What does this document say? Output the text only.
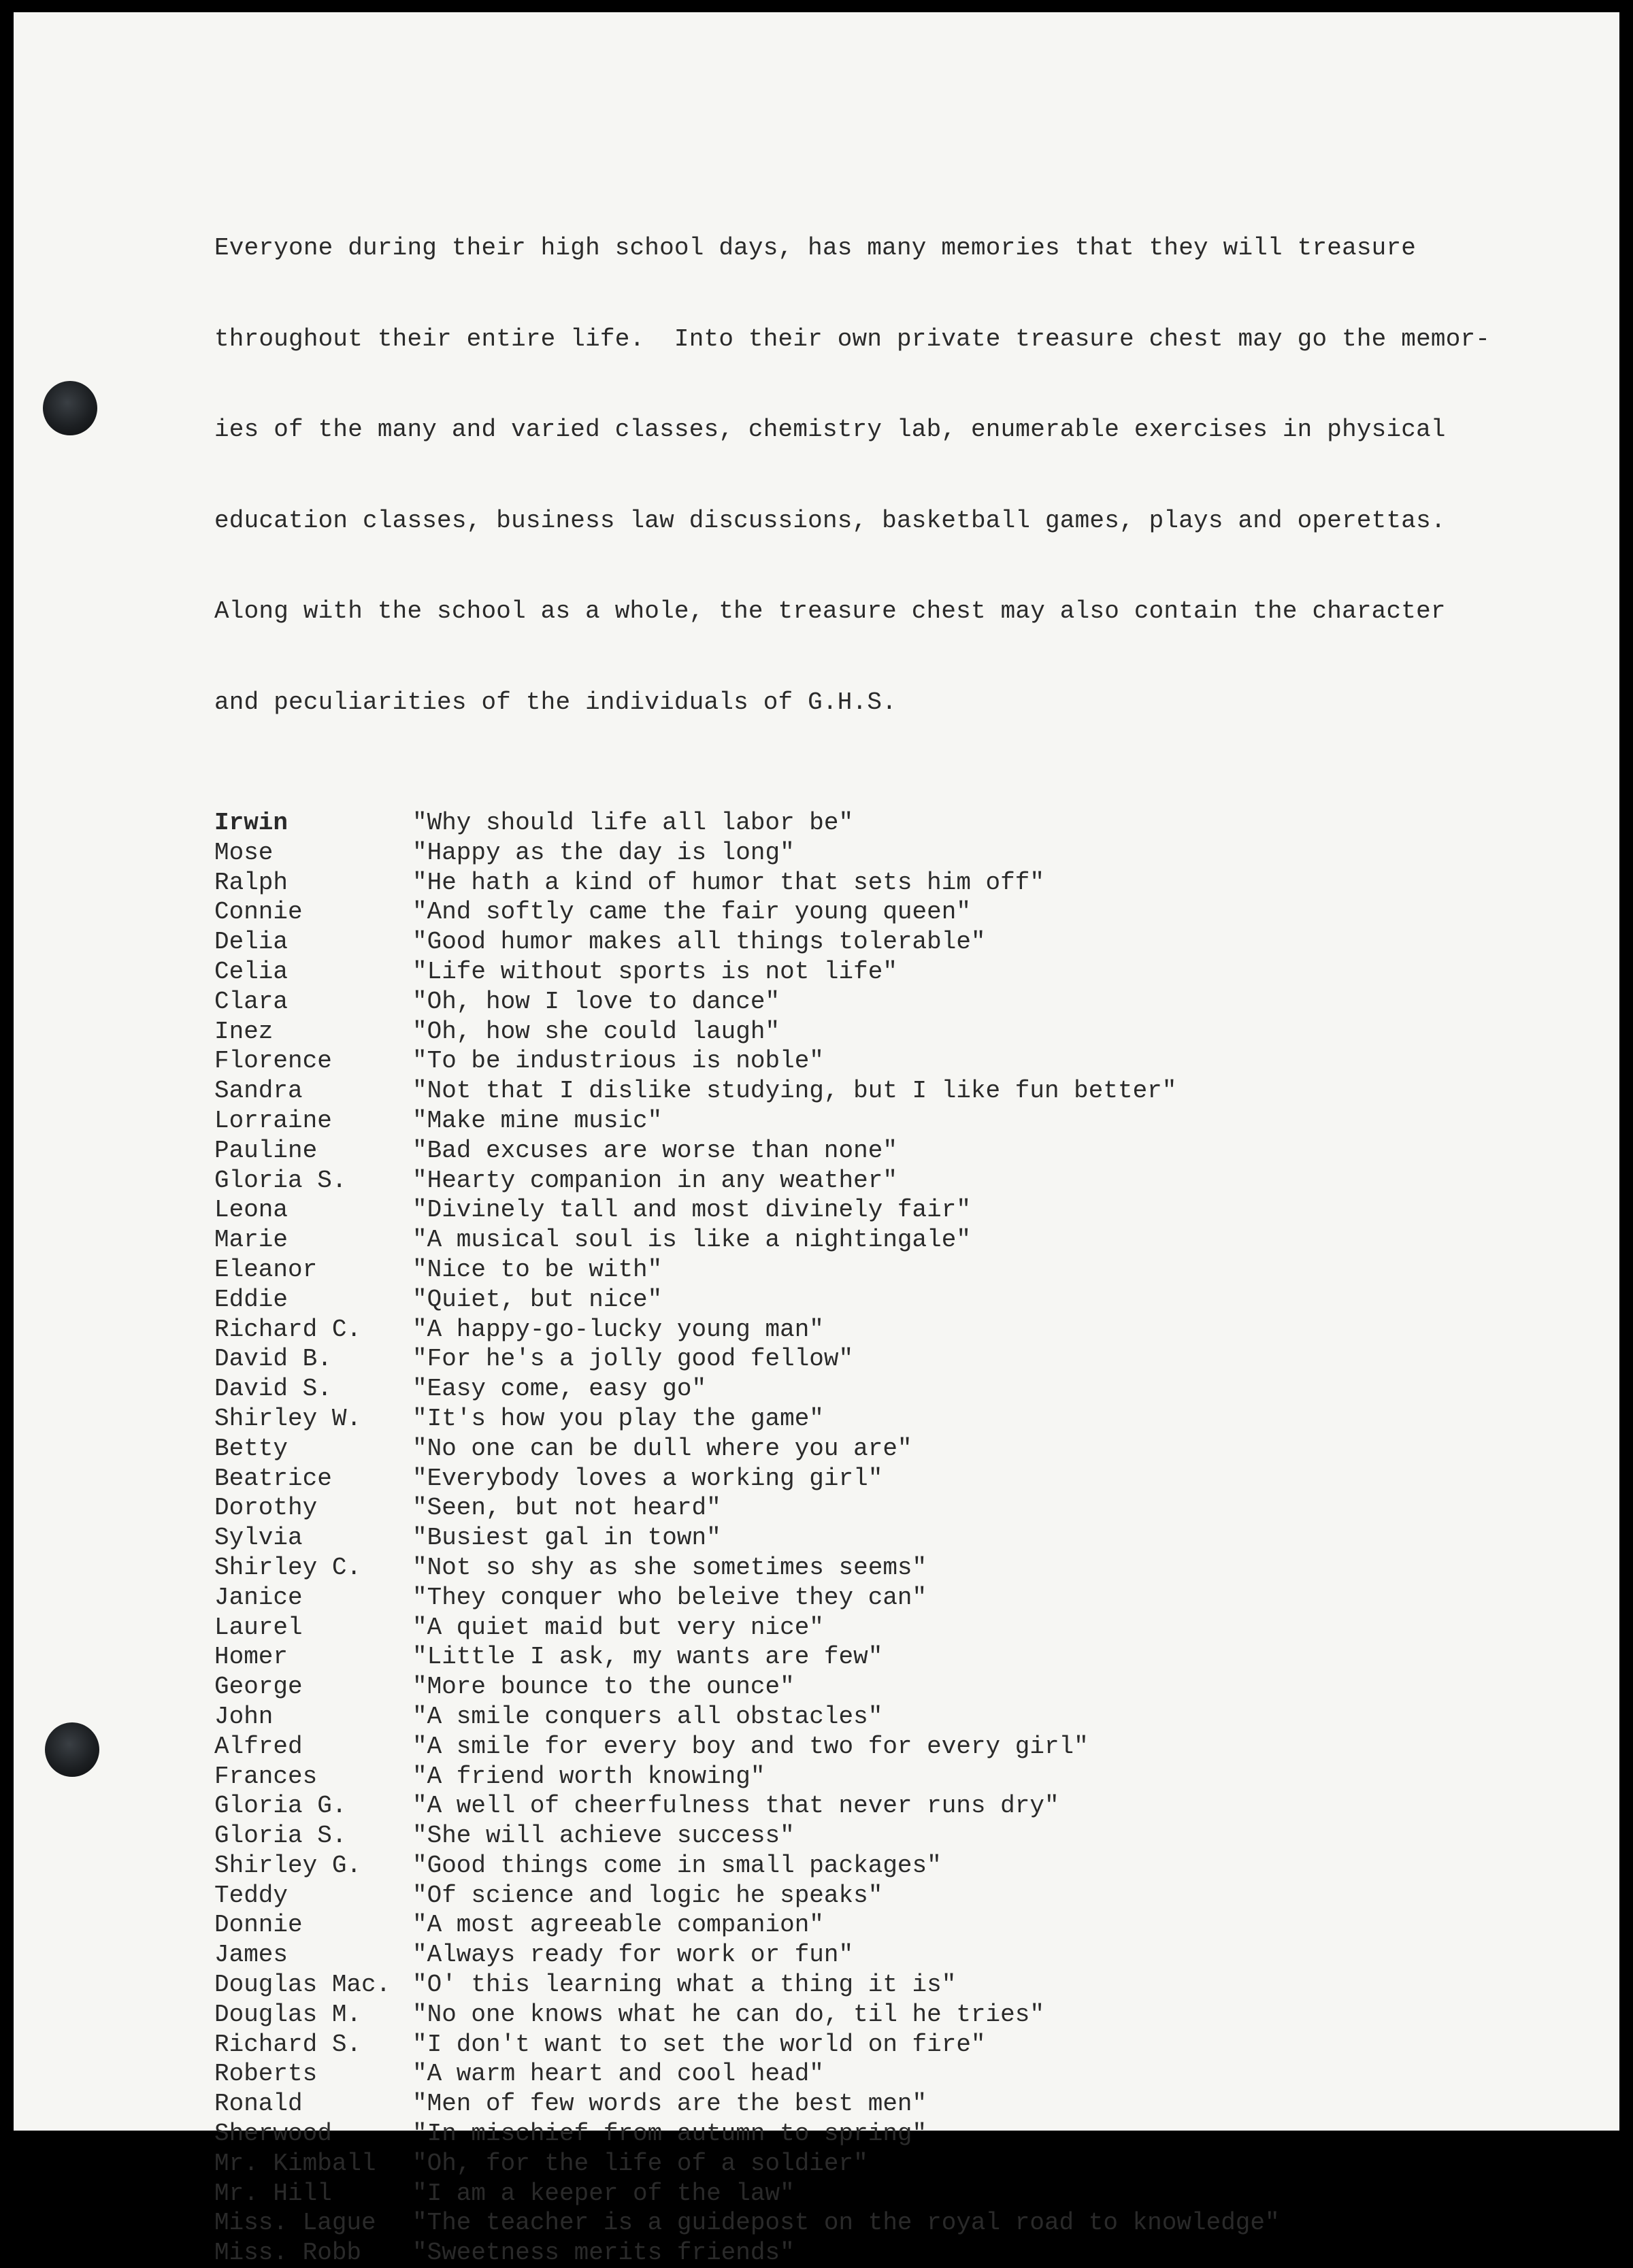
Everyone during their high school days, has many memories that they will treasure

throughout their entire life.  Into their own private treasure chest may go the memor-

ies of the many and varied classes, chemistry lab, enumerable exercises in physical

education classes, business law discussions, basketball games, plays and operettas.

Along with the school as a whole, the treasure chest may also contain the character

and peculiarities of the individuals of G.H.S.

Irwin	"Why should life all labor be"
Mose	"Happy as the day is long"
Ralph	"He hath a kind of humor that sets him off"
Connie	"And softly came the fair young queen"
Delia	"Good humor makes all things tolerable"
Celia	"Life without sports is not life"
Clara	"Oh, how I love to dance"
Inez	"Oh, how she could laugh"
Florence	"To be industrious is noble"
Sandra	"Not that I dislike studying, but I like fun better"
Lorraine	"Make mine music"
Pauline	"Bad excuses are worse than none"
Gloria S.	"Hearty companion in any weather"
Leona	"Divinely tall and most divinely fair"
Marie	"A musical soul is like a nightingale"
Eleanor	"Nice to be with"
Eddie	"Quiet, but nice"
Richard C.	"A happy-go-lucky young man"
David B.	"For he's a jolly good fellow"
David S.	"Easy come, easy go"
Shirley W.	"It's how you play the game"
Betty	"No one can be dull where you are"
Beatrice	"Everybody loves a working girl"
Dorothy	"Seen, but not heard"
Sylvia	"Busiest gal in town"
Shirley C.	"Not so shy as she sometimes seems"
Janice	"They conquer who beleive they can"
Laurel	"A quiet maid but very nice"
Homer	"Little I ask, my wants are few"
George	"More bounce to the ounce"
John	"A smile conquers all obstacles"
Alfred	"A smile for every boy and two for every girl"
Frances	"A friend worth knowing"
Gloria G.	"A well of cheerfulness that never runs dry"
Gloria S.	"She will achieve success"
Shirley G.	"Good things come in small packages"
Teddy	"Of science and logic he speaks"
Donnie	"A most agreeable companion"
James	"Always ready for work or fun"
Douglas Mac. "O' this learning what a thing it is"
Douglas M.	"No one knows what he can do, til he tries"
Richard S.	"I don't want to set the world on fire"
Roberts	"A warm heart and cool head"
Ronald	"Men of few words are the best men"
Sherwood	"In mischief from autumn to spring"
Mr. Kimball	"Oh, for the life of a soldier"
Mr. Hill	"I am a keeper of the law"
Miss. Lague	"The teacher is a guidepost on the royal road to knowledge"
Miss. Robb	"Sweetness merits friends"
